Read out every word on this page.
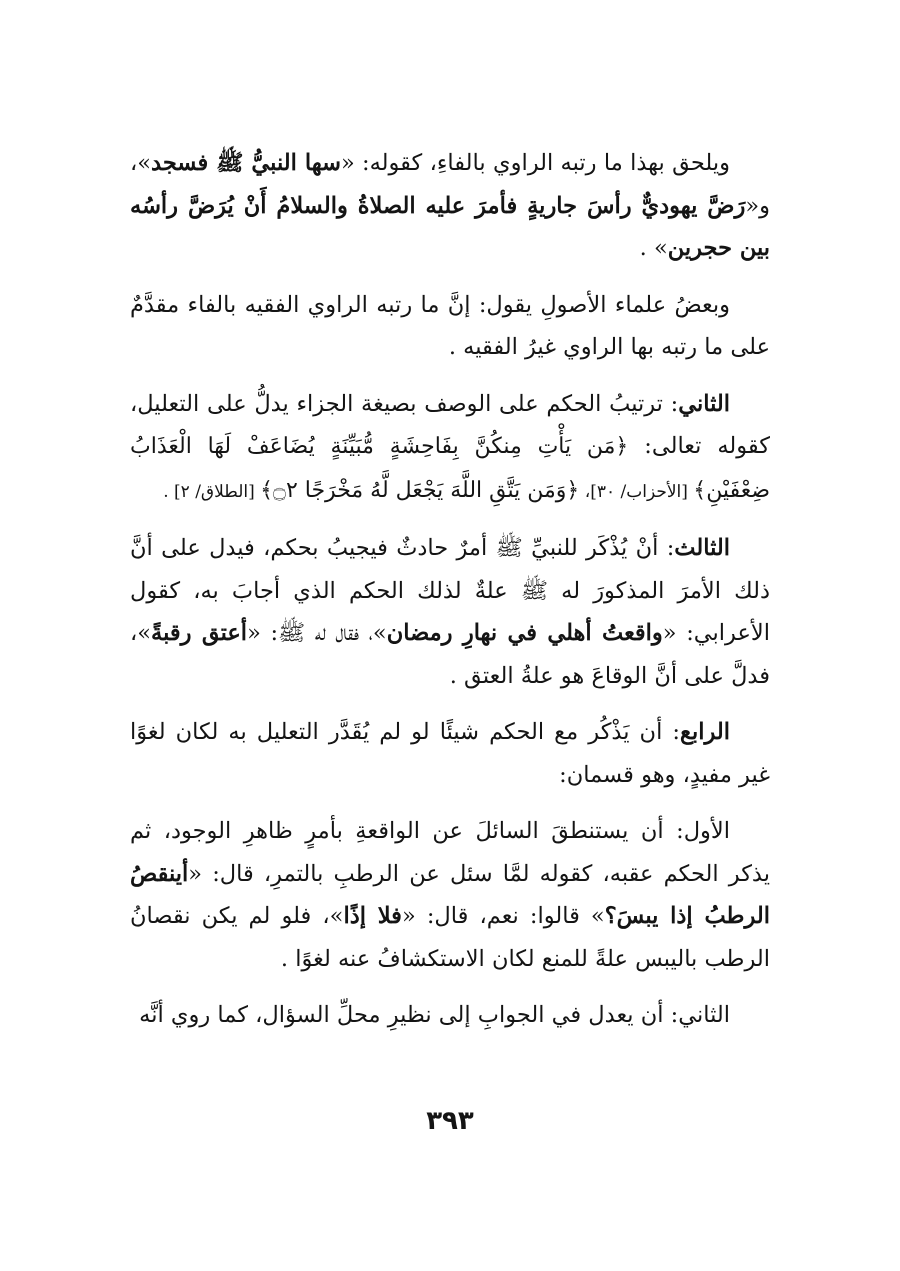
ويلحق بهذا ما رتبه الراوي بالفاءِ، كقوله: «سها النبيُّ ﷺ فسجد»، و«رَضَّ يهوديٌّ رأسَ جاريةٍ فأمرَ عليه الصلاةُ والسلامُ أَنْ يُرَضَّ رأسُه بين حجرين» .

وبعضُ علماء الأصولِ يقول: إنَّ ما رتبه الراوي الفقيه بالفاء مقدَّمٌ على ما رتبه بها الراوي غيرُ الفقيه .

الثاني: ترتيبُ الحكم على الوصف بصيغة الجزاء يدلُّ على التعليل، كقوله تعالى: ﴿مَن يَأْتِ مِنكُنَّ بِفَاحِشَةٍ مُّبَيِّنَةٍ يُضَاعَفْ لَهَا الْعَذَابُ ضِعْفَيْنِ﴾ [الأحزاب/ ٣٠]، ﴿وَمَن يَتَّقِ اللَّهَ يَجْعَل لَّهُ مَخْرَجًا ۝٢﴾ [الطلاق/ ٢] .

الثالث: أنْ يُذْكَر للنبيِّ ﷺ أمرٌ حادثٌ فيجيبُ بحكم، فيدل على أنَّ ذلك الأمرَ المذكورَ له ﷺ علةٌ لذلك الحكم الذي أجابَ به، كقول الأعرابي: «واقعتُ أهلي في نهارِ رمضان»، فقال له ﷺ: «أعتق رقبةً»، فدلَّ على أنَّ الوقاعَ هو علةُ العتق .

الرابع: أن يَذْكُر مع الحكم شيئًا لو لم يُقَدَّر التعليل به لكان لغوًا غير مفيدٍ، وهو قسمان:

الأول: أن يستنطقَ السائلَ عن الواقعةِ بأمرٍ ظاهرِ الوجود، ثم يذكر الحكم عقبه، كقوله لمَّا سئل عن الرطبِ بالتمرِ، قال: «أينقصُ الرطبُ إذا يبسَ؟» قالوا: نعم، قال: «فلا إذًا»، فلو لم يكن نقصانُ الرطب باليبس علةً للمنع لكان الاستكشافُ عنه لغوًا .

الثاني: أن يعدل في الجوابِ إلى نظيرِ محلِّ السؤال، كما روي أنَّه

٣٩٣
